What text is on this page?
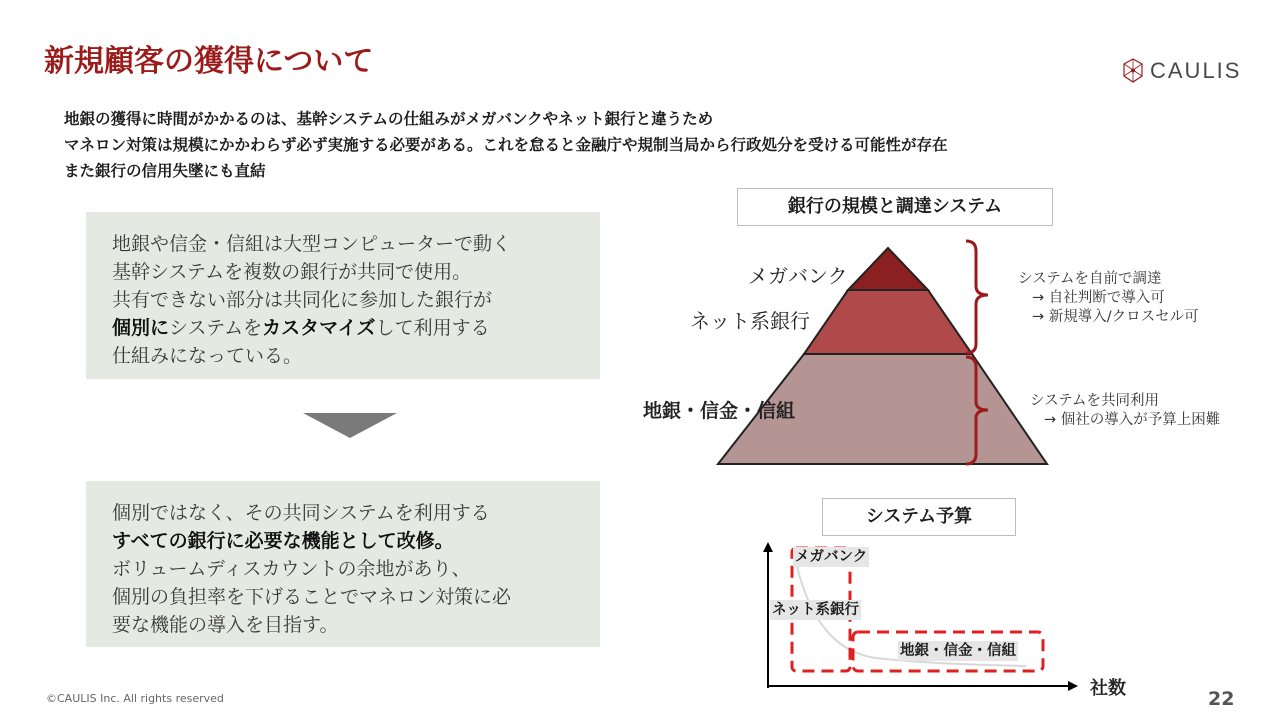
新規顧客の獲得について	CAULIS
地銀の獲得に時間がかかるのは、基幹システムの仕組みがメガバンクやネット銀行と違うため
マネロン対策は規模にかかわらず必ず実施する必要がある。これを怠ると金融庁や規制当局から行政処分を受ける可能性が存在
また銀行の信用失墜にも直結
地銀や信金・信組は大型コンピューターで動く
基幹システムを複数の銀行が共同で使用。
共有できない部分は共同化に参加した銀行が
個別にシステムをカスタマイズして利用する
仕組みになっている。
個別ではなく、その共同システムを利用する
すべての銀行に必要な機能として改修。
ボリュームディスカウントの余地があり、
個別の負担率を下げることでマネロン対策に必
要な機能の導入を目指す。
銀行の規模と調達システム
メガバンク
ネット系銀行
地銀・信金・信組
システムを自前で調達
→ 自社判断で導入可
→ 新規導入/クロスセル可
システムを共同利用
→ 個社の導入が予算上困難
システム予算
メガバンク
ネット系銀行
地銀・信金・信組
社数
©CAULIS Inc. All rights reserved	22
